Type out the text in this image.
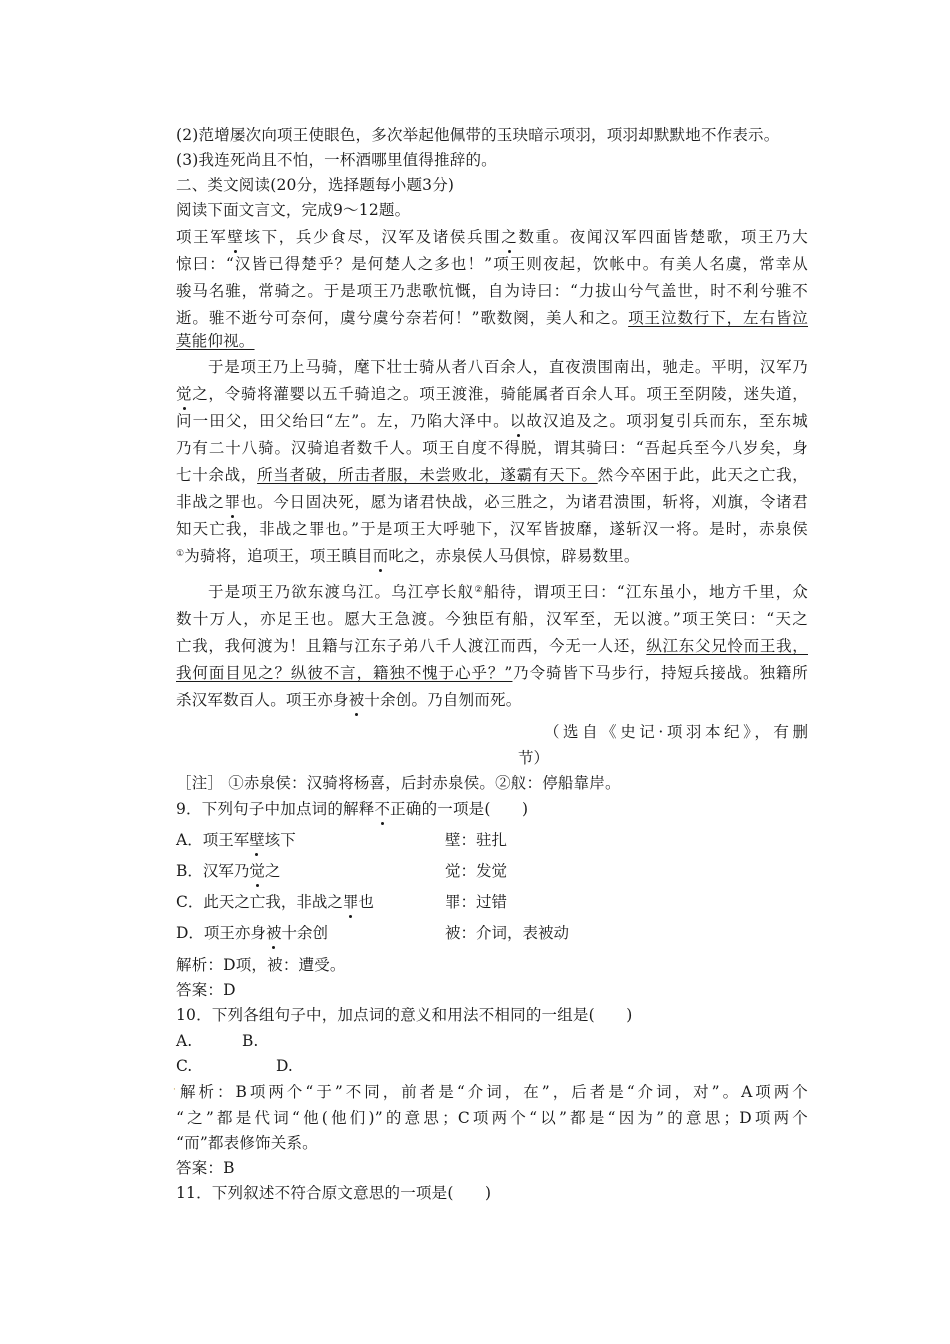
(2)范增屡次向项王使眼色，多次举起他佩带的玉玦暗示项羽，项羽却默默地不作表示。
(3)我连死尚且不怕，一杯酒哪里值得推辞的。
二、类文阅读(20分，选择题每小题3分)
阅读下面文言文，完成9～12题。
项王军壁垓下，兵少食尽，汉军及诸侯兵围之数重。夜闻汉军四面皆楚歌，项王乃大
惊曰：“汉皆已得楚乎？是何楚人之多也！”项王则夜起，饮帐中。有美人名虞，常幸从
骏马名骓，常骑之。于是项王乃悲歌忼慨，自为诗曰：“力拔山兮气盖世，时不利兮骓不
逝。骓不逝兮可奈何，虞兮虞兮奈若何！”歌数阕，美人和之。项王泣数行下，左右皆泣
莫能仰视。
于是项王乃上马骑，麾下壮士骑从者八百余人，直夜溃围南出，驰走。平明，汉军乃
觉之，令骑将灌婴以五千骑追之。项王渡淮，骑能属者百余人耳。项王至阴陵，迷失道，
问一田父，田父绐曰“左”。左，乃陷大泽中。以故汉追及之。项羽复引兵而东，至东城
乃有二十八骑。汉骑追者数千人。项王自度不得脱，谓其骑曰：“吾起兵至今八岁矣，身
七十余战，所当者破，所击者服，未尝败北，遂霸有天下。然今卒困于此，此天之亡我，
非战之罪也。今日固决死，愿为诸君快战，必三胜之，为诸君溃围，斩将，刈旗，令诸君
知天亡我，非战之罪也。”于是项王大呼驰下，汉军皆披靡，遂斩汉一将。是时，赤泉侯
①为骑将，追项王，项王瞋目而叱之，赤泉侯人马俱惊，辟易数里。
于是项王乃欲东渡乌江。乌江亭长舣②船待，谓项王曰：“江东虽小，地方千里，众
数十万人，亦足王也。愿大王急渡。今独臣有船，汉军至，无以渡。”项王笑曰：“天之
亡我，我何渡为！且籍与江东子弟八千人渡江而西，今无一人还，纵江东父兄怜而王我，
我何面目见之？纵彼不言，籍独不愧于心乎？”乃令骑皆下马步行，持短兵接战。独籍所
杀汉军数百人。项王亦身被十余创。乃自刎而死。
（选自《史记·项羽本纪》，有删
节）
［注］ ①赤泉侯：汉骑将杨喜，后封赤泉侯。②舣：停船靠岸。
9．下列句子中加点词的解释不正确的一项是(　　)
A．项王军壁垓下	壁：驻扎
B．汉军乃觉之	觉：发觉
C．此天之亡我，非战之罪也	罪：过错
D．项王亦身被十余创	被：介词，表被动
解析：D项，被：遭受。
答案：D
10．下列各组句子中，加点词的意义和用法不相同的一组是(　　)
A.	B.
C.	D.
· 解析：B项两个“于”不同，前者是“介词，在”，后者是“介词，对”。A项两个
“之”都是代词“他(他们)”的意思；C项两个“以”都是“因为”的意思；D项两个
“而”都表修饰关系。
答案：B
11．下列叙述不符合原文意思的一项是(　　)
